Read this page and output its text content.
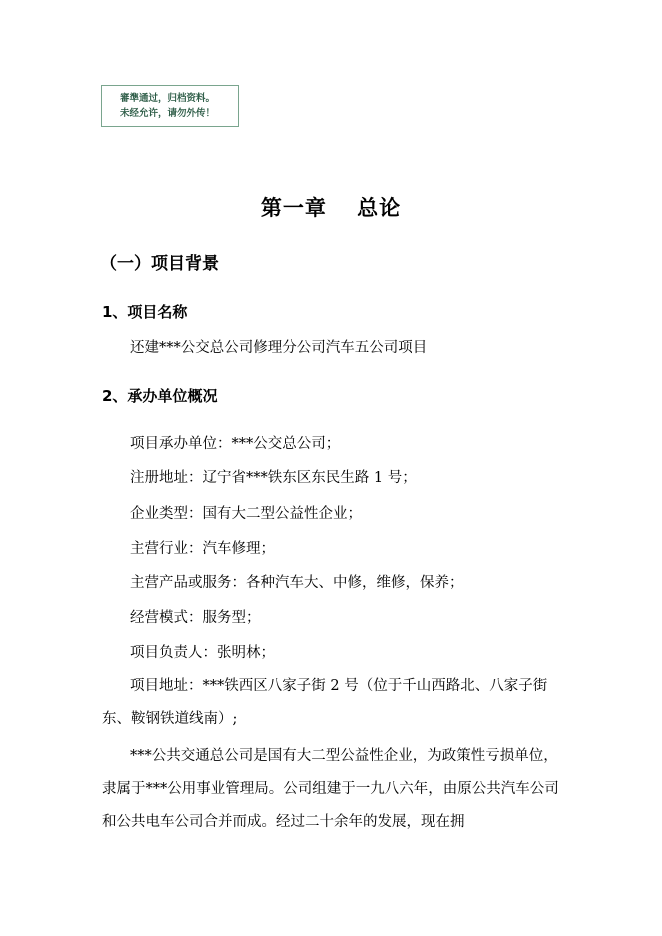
審準通过，归档资料。
未经允许，请勿外传！
第一章　 总论
（一）项目背景
1、项目名称
还建***公交总公司修理分公司汽车五公司项目
2、承办单位概况
项目承办单位：***公交总公司；
注册地址：辽宁省***铁东区东民生路 1 号；
企业类型：国有大二型公益性企业；
主营行业：汽车修理；
主营产品或服务：各种汽车大、中修，维修，保养；
经营模式：服务型；
项目负责人：张明林；
项目地址：***铁西区八家子街 2 号（位于千山西路北、八家子街东、鞍钢铁道线南）;
***公共交通总公司是国有大二型公益性企业，为政策性亏损单位，隶属于***公用事业管理局。公司组建于一九八六年，由原公共汽车公司和公共电车公司合并而成。经过二十余年的发展，现在拥
